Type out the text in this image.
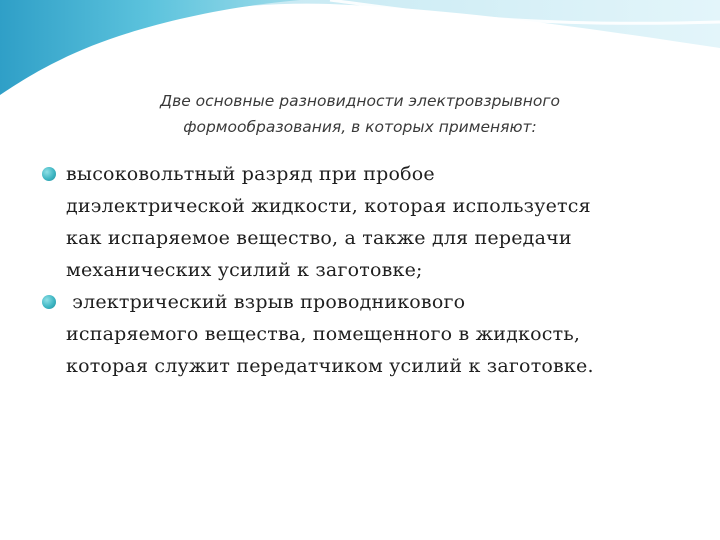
Две основные разновидности электровзрывного
формообразования, в которых применяют:
высоковольтный разряд при пробое
диэлектрической жидкости, которая используется
как испаряемое вещество, а также для передачи
механических усилий к заготовке;
электрический взрыв проводникового
испаряемого вещества, помещенного в жидкость,
которая служит передатчиком усилий к заготовке.
